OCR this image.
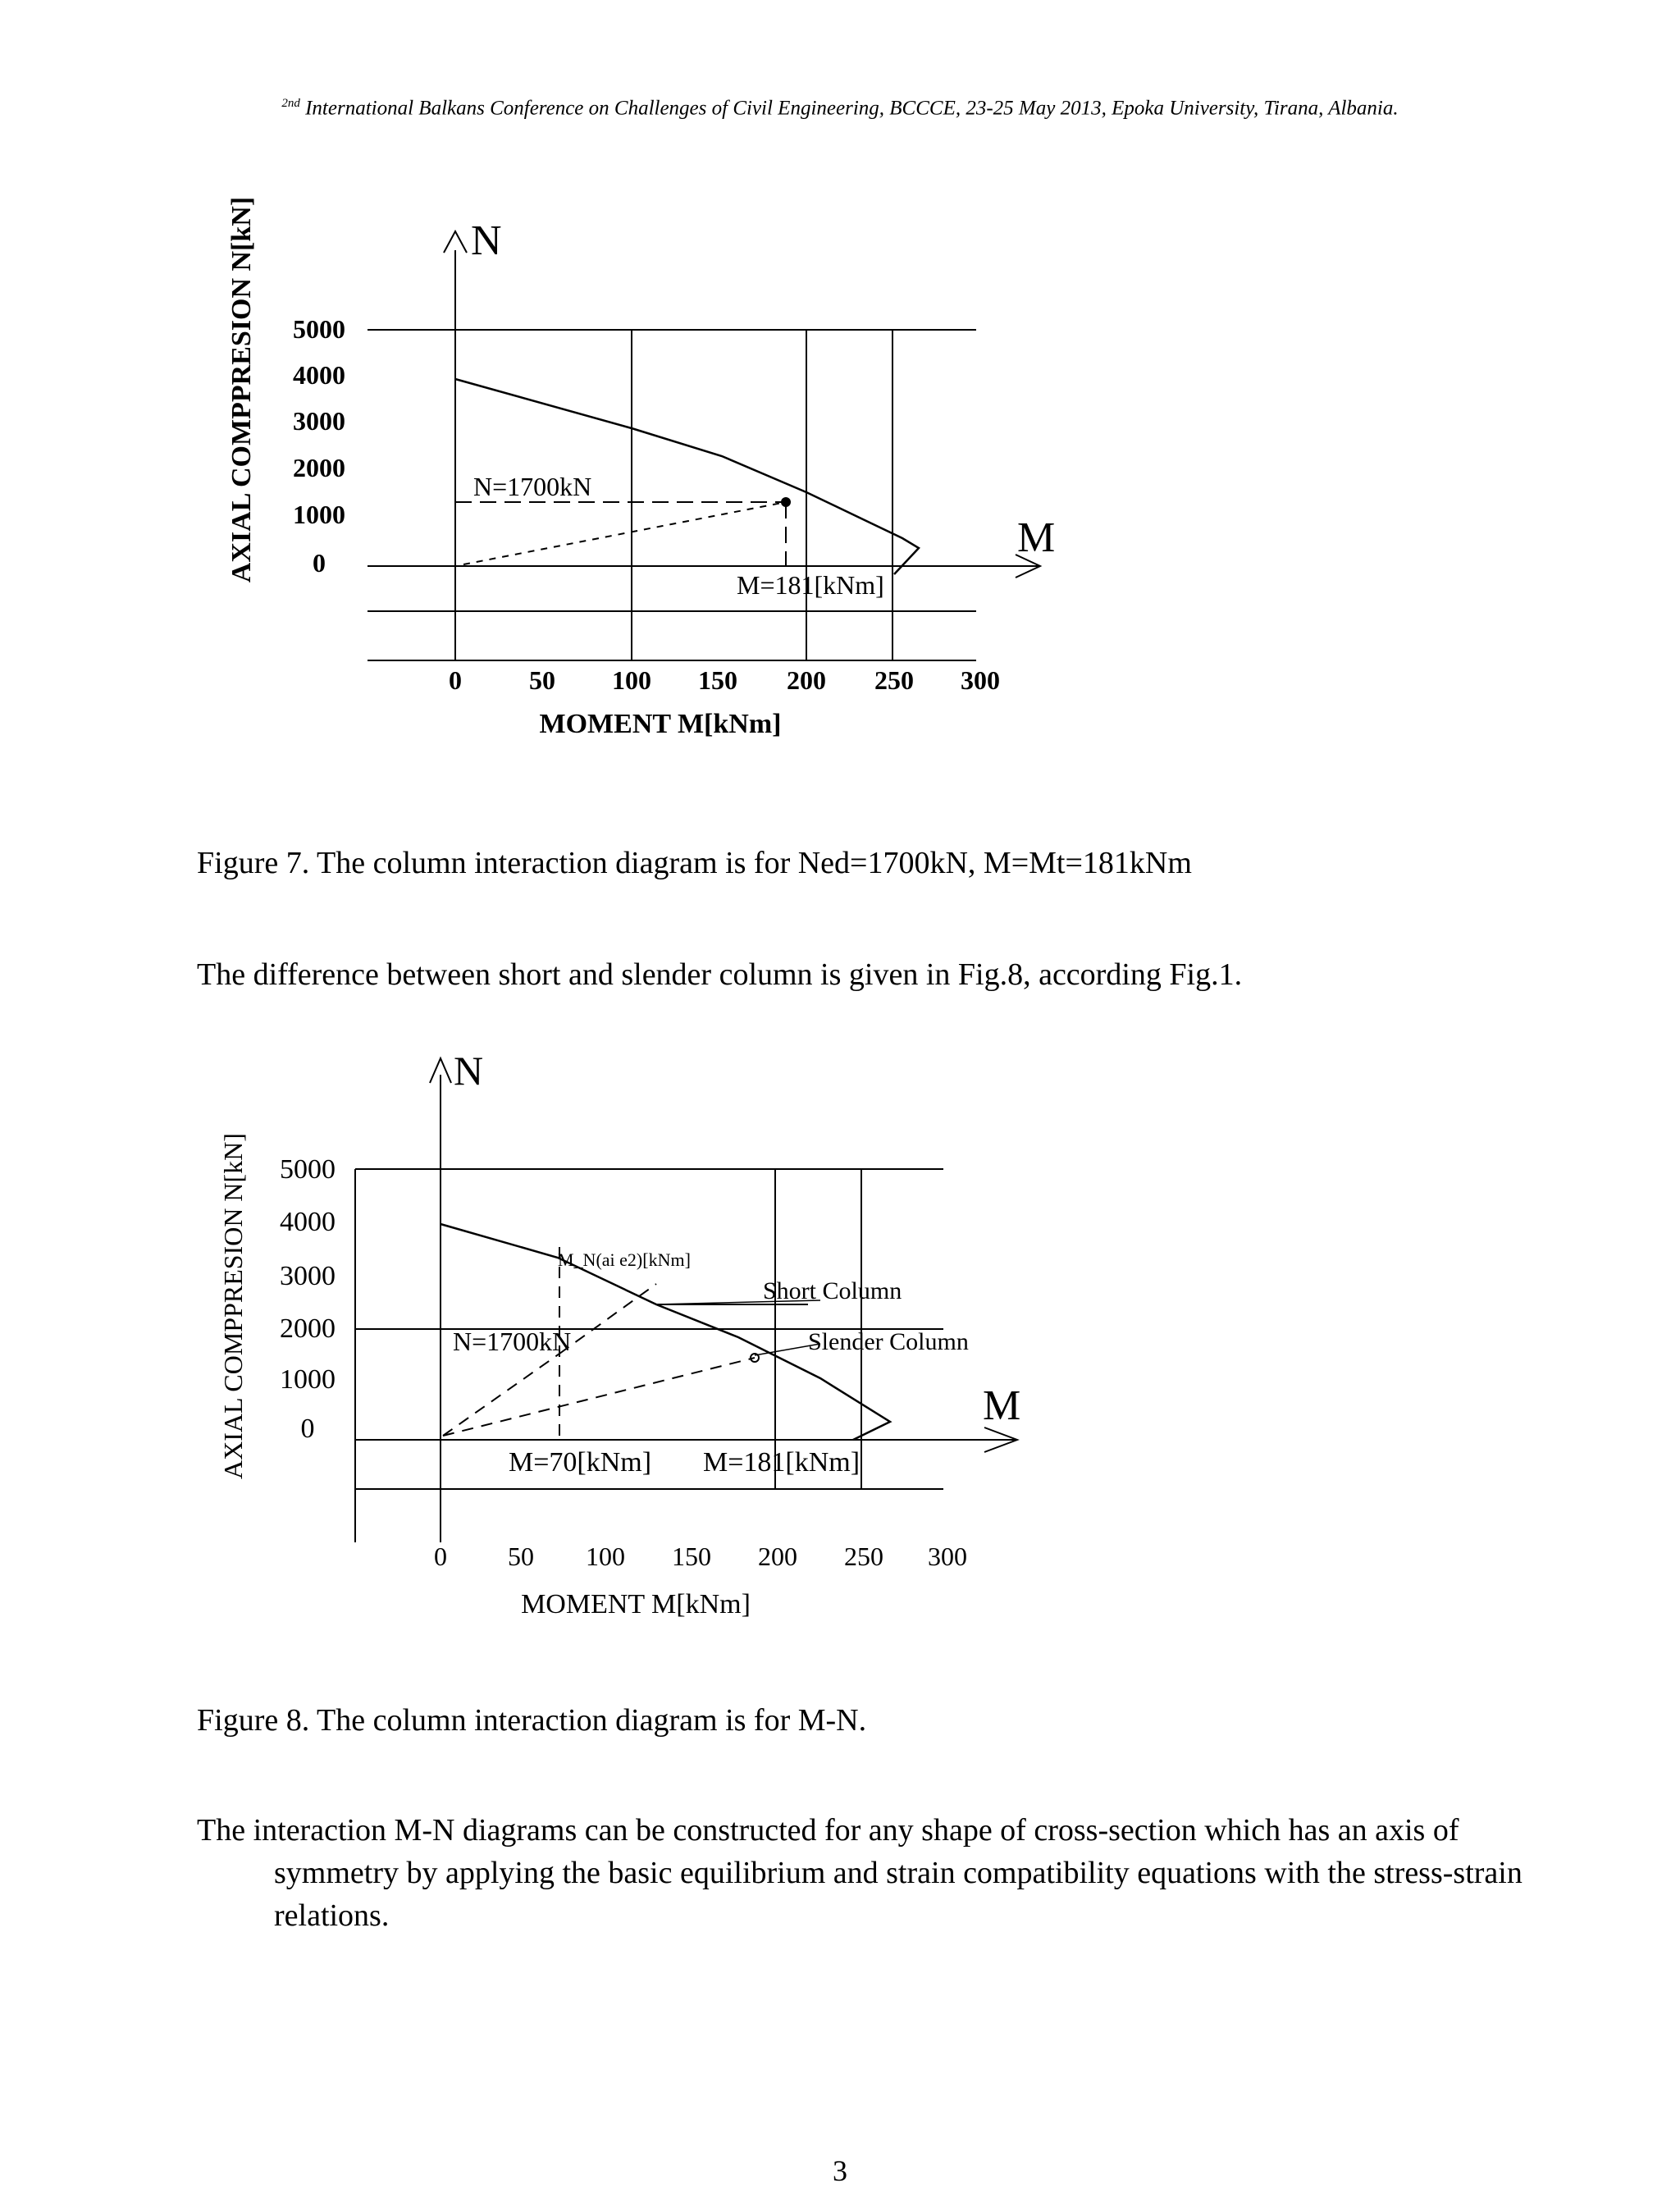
$^{2nd}$ International Balkans Conference on Challenges of Civil Engineering, BCCCE, 23-25 May 2013, Epoka University, Tirana, Albania.
AXIAL COMPPRESION N[kN]	N
M
5000
4000
3000
2000
1000
0
0	50 100 150 200 250 300
MOMENT M[kNm]
N=1700kN
M=181[kNm]
Figure 7. The column interaction diagram is for Ned=1700kN, M=Mt=181kNm
The difference between short and slender column is given in Fig.8, according Fig.1.
AXIAL COMPPRESION N[kN]
N
M
5000
4000
3000
2000
1000
0
0 50 100 150 200 250 300
MOMENT M[kNm]
M_N(ai e2)[kNm]
Short Column
Slender Column
N=1700kN
M=70[kNm] M=181[kNm]
Figure 8. The column interaction diagram is for M-N.
The interaction M-N diagrams can be constructed for any shape of cross-section which has an axis of symmetry by applying the basic equilibrium and strain compatibility equations with the stress-strain relations.
3
